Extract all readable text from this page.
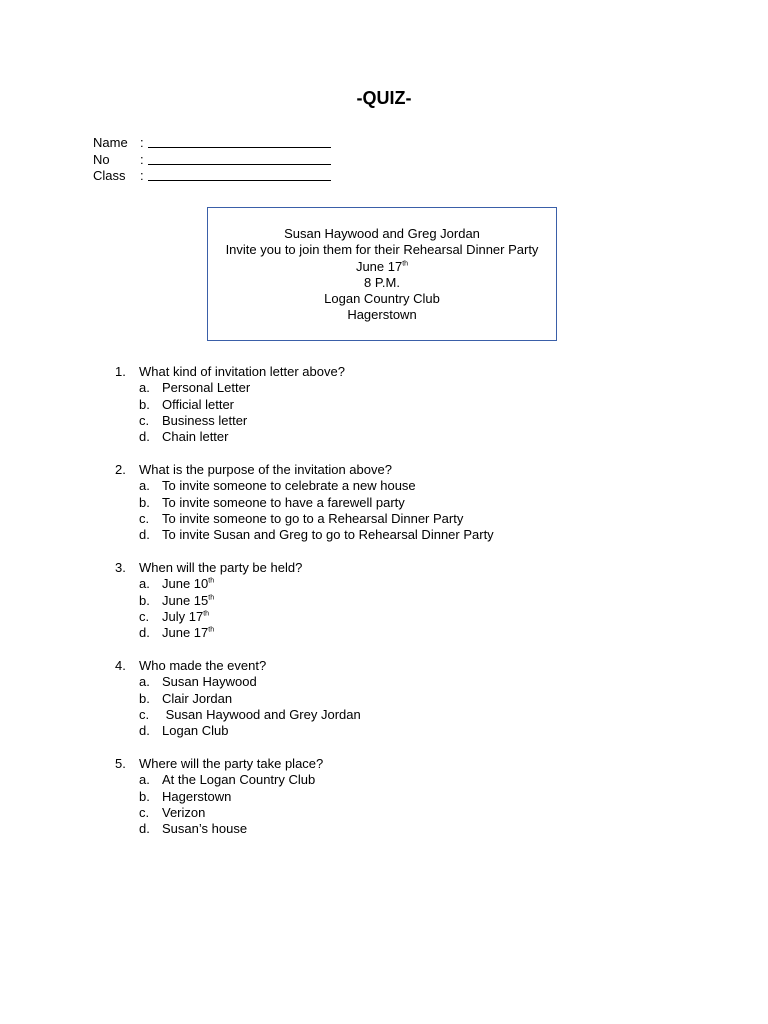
-QUIZ-
Name :
No :
Class :
Susan Haywood and Greg Jordan
Invite you to join them for their Rehearsal Dinner Party
June 17th
8 P.M.
Logan Country Club
Hagerstown
1. What kind of invitation letter above?
a. Personal Letter
b. Official letter
c. Business letter
d. Chain letter
2. What is the purpose of the invitation above?
a. To invite someone to celebrate a new house
b. To invite someone to have a farewell party
c. To invite someone to go to a Rehearsal Dinner Party
d. To invite Susan and Greg to go to Rehearsal Dinner Party
3. When will the party be held?
a. June 10th
b. June 15th
c. July 17th
d. June 17th
4. Who made the event?
a. Susan Haywood
b. Clair Jordan
c. Susan Haywood and Grey Jordan
d. Logan Club
5. Where will the party take place?
a. At the Logan Country Club
b. Hagerstown
c. Verizon
d. Susan’s house
